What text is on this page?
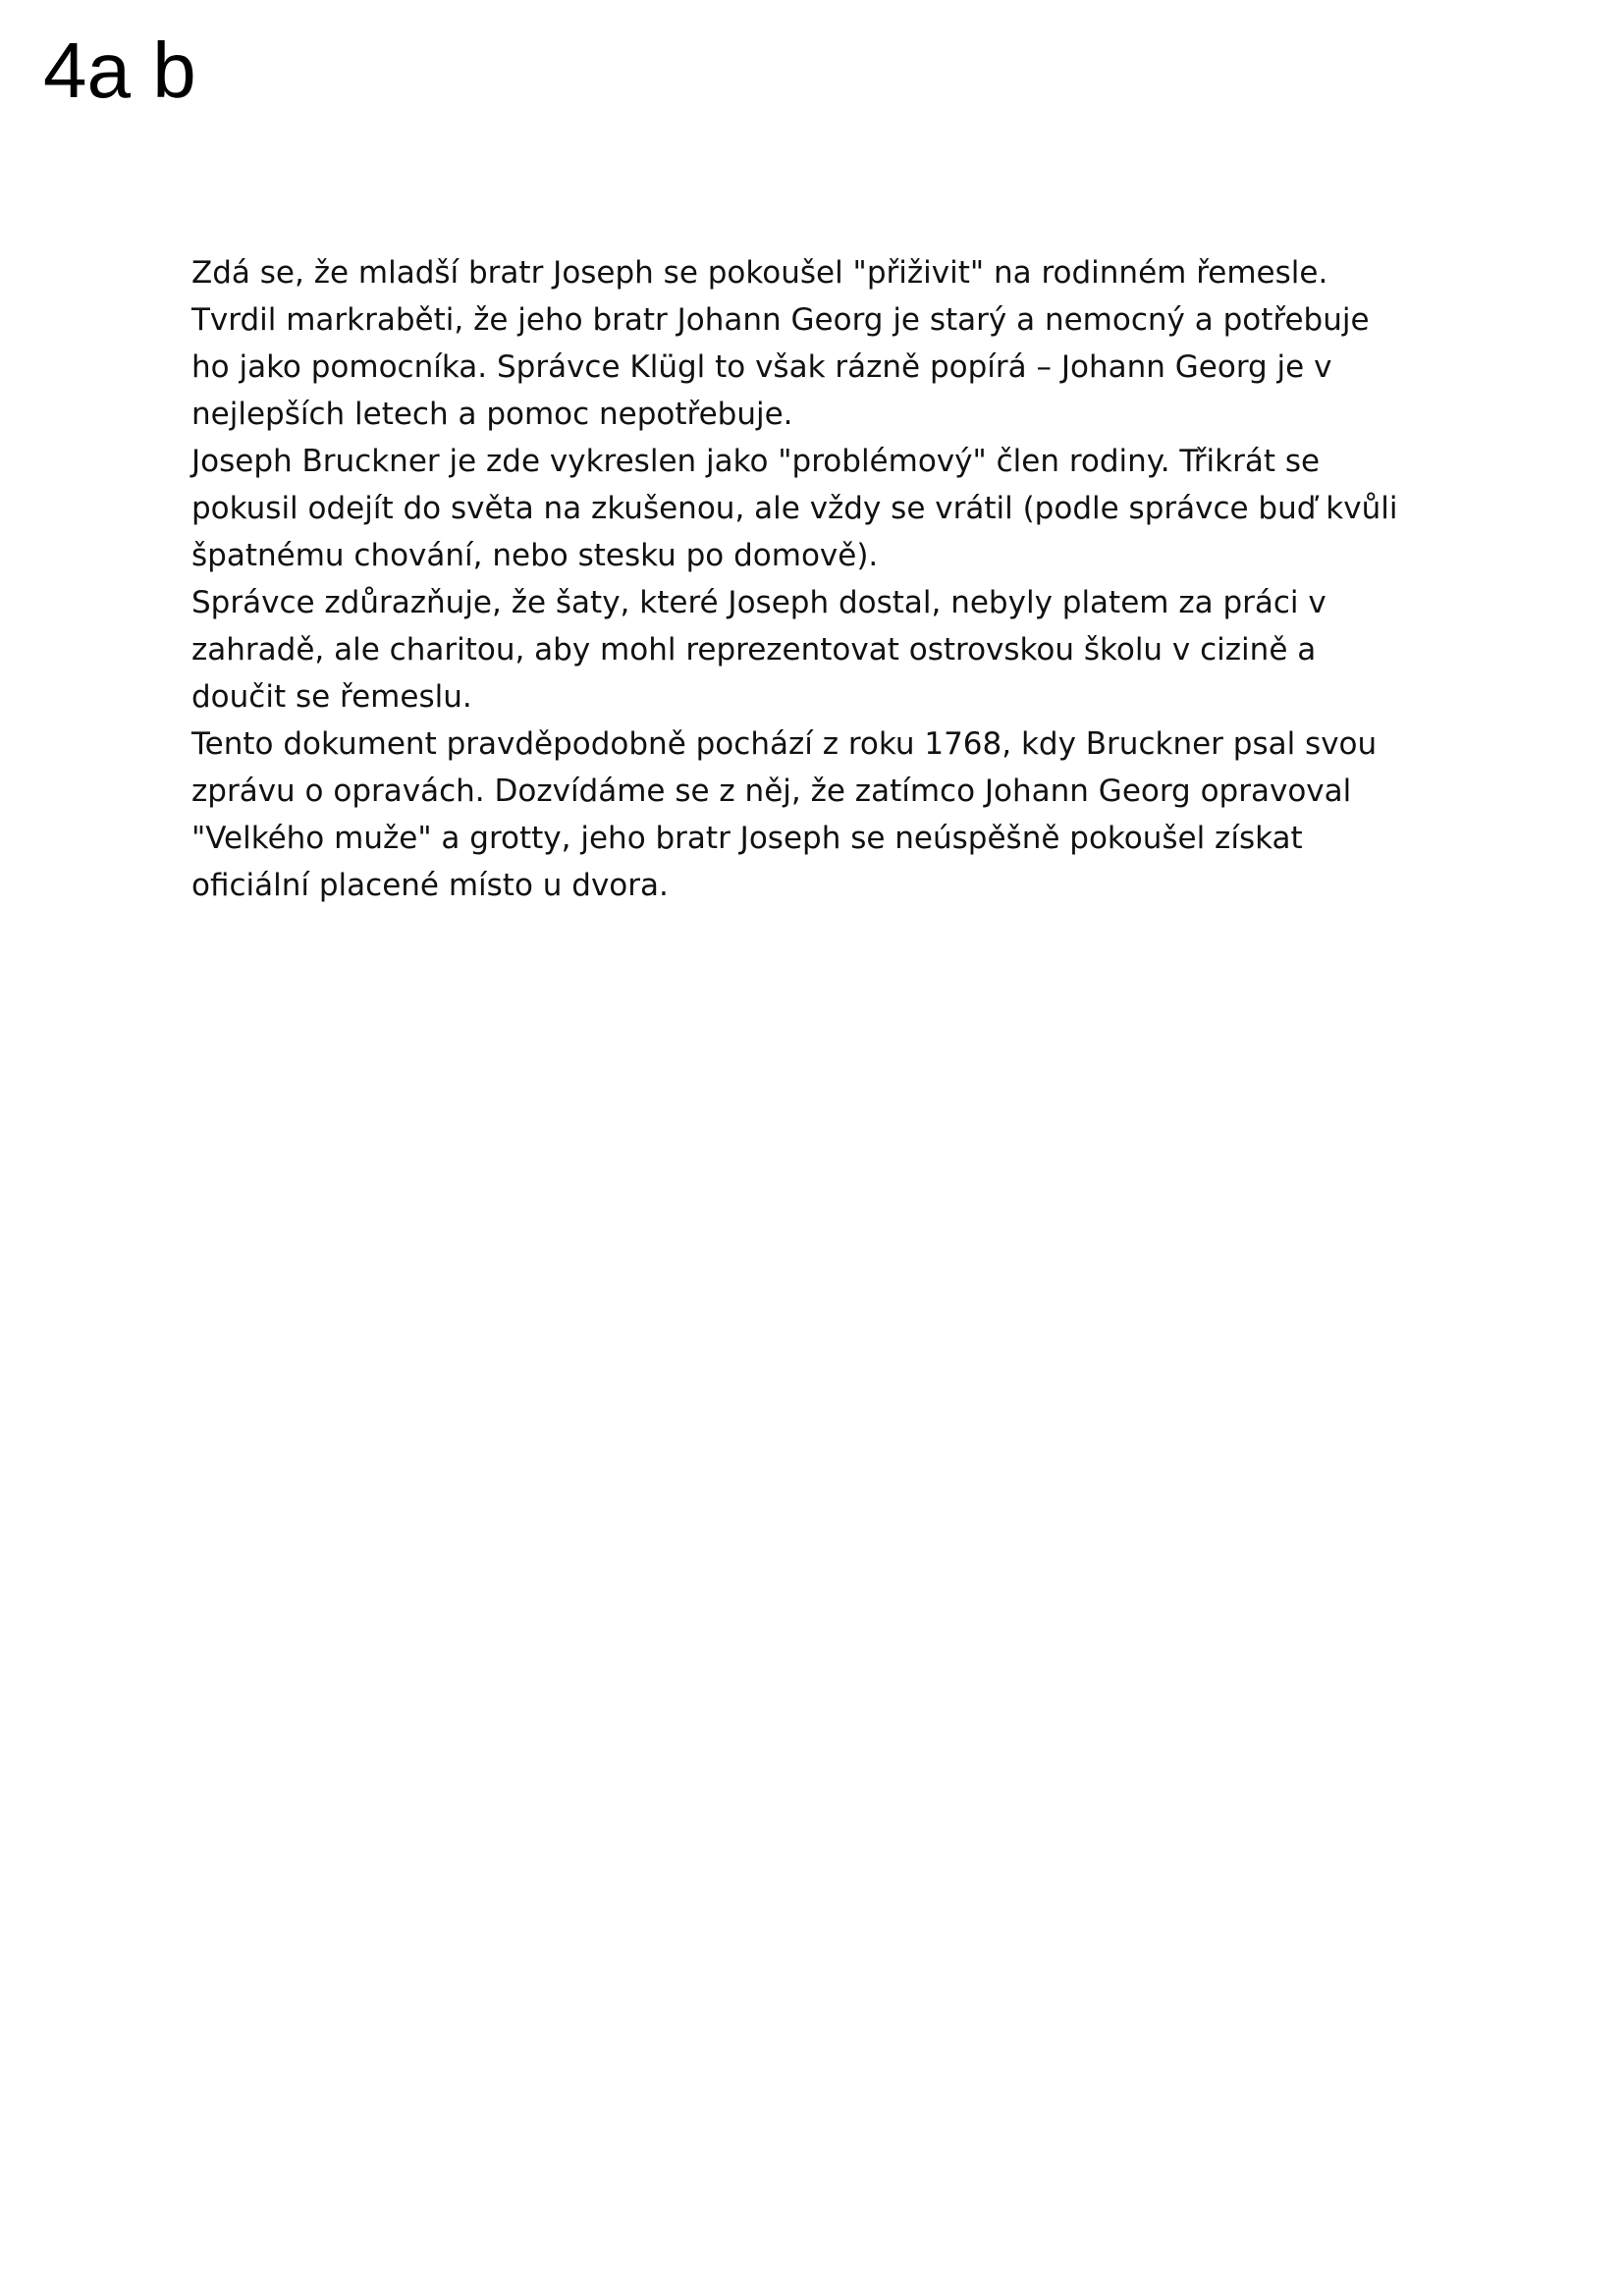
4a b
Zdá se, že mladší bratr Joseph se pokoušel "přiživit" na rodinném řemesle.
Tvrdil markraběti, že jeho bratr Johann Georg je starý a nemocný a potřebuje
ho jako pomocníka. Správce Klügl to však rázně popírá – Johann Georg je v
nejlepších letech a pomoc nepotřebuje.
Joseph Bruckner je zde vykreslen jako "problémový" člen rodiny. Třikrát se
pokusil odejít do světa na zkušenou, ale vždy se vrátil (podle správce buď kvůli
špatnému chování, nebo stesku po domově).
Správce zdůrazňuje, že šaty, které Joseph dostal, nebyly platem za práci v
zahradě, ale charitou, aby mohl reprezentovat ostrovskou školu v cizině a
doučit se řemeslu.
Tento dokument pravděpodobně pochází z roku 1768, kdy Bruckner psal svou
zprávu o opravách. Dozvídáme se z něj, že zatímco Johann Georg opravoval
"Velkého muže" a grotty, jeho bratr Joseph se neúspěšně pokoušel získat
oficiální placené místo u dvora.
